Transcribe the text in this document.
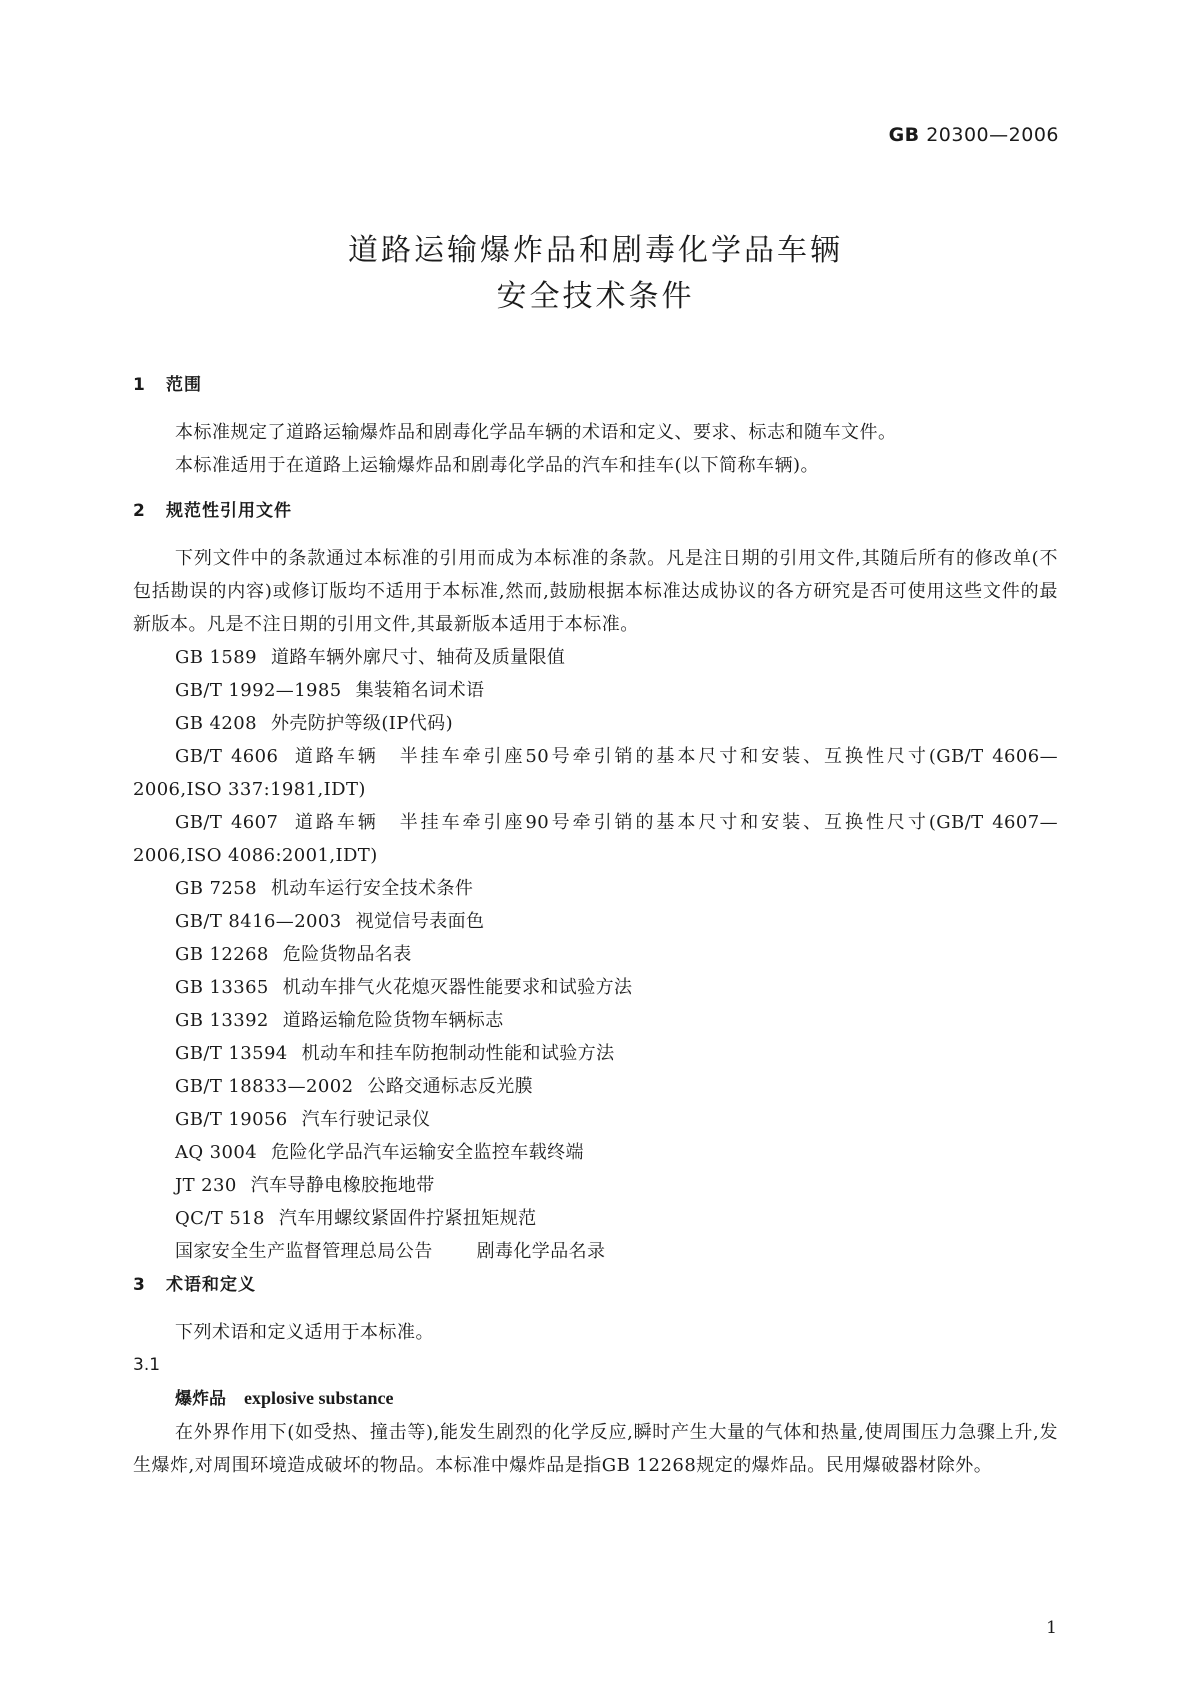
GB 20300—2006

道路运输爆炸品和剧毒化学品车辆
安全技术条件
1 范围

本标准规定了道路运输爆炸品和剧毒化学品车辆的术语和定义、要求、标志和随车文件。

本标准适用于在道路上运输爆炸品和剧毒化学品的汽车和挂车(以下简称车辆)。

2 规范性引用文件

下列文件中的条款通过本标准的引用而成为本标准的条款。凡是注日期的引用文件,其随后所有的修改单(不包括勘误的内容)或修订版均不适用于本标准,然而,鼓励根据本标准达成协议的各方研究是否可使用这些文件的最新版本。凡是不注日期的引用文件,其最新版本适用于本标准。

GB 1589 道路车辆外廓尺寸、轴荷及质量限值
GB/T 1992—1985 集装箱名词术语
GB 4208 外壳防护等级(IP代码)
GB/T 4606 道路车辆　半挂车牵引座50号牵引销的基本尺寸和安装、互换性尺寸(GB/T 4606—2006,ISO 337:1981,IDT)
GB/T 4607 道路车辆　半挂车牵引座90号牵引销的基本尺寸和安装、互换性尺寸(GB/T 4607—2006,ISO 4086:2001,IDT)
GB 7258 机动车运行安全技术条件
GB/T 8416—2003 视觉信号表面色
GB 12268 危险货物品名表
GB 13365 机动车排气火花熄灭器性能要求和试验方法
GB 13392 道路运输危险货物车辆标志
GB/T 13594 机动车和挂车防抱制动性能和试验方法
GB/T 18833—2002 公路交通标志反光膜
GB/T 19056 汽车行驶记录仪
AQ 3004 危险化学品汽车运输安全监控车载终端
JT 230 汽车导静电橡胶拖地带
QC/T 518 汽车用螺纹紧固件拧紧扭矩规范
国家安全生产监督管理总局公告 剧毒化学品名录
3 术语和定义

下列术语和定义适用于本标准。

3.1

爆炸品 explosive substance

在外界作用下(如受热、撞击等),能发生剧烈的化学反应,瞬时产生大量的气体和热量,使周围压力急骤上升,发生爆炸,对周围环境造成破坏的物品。本标准中爆炸品是指GB 12268规定的爆炸品。民用爆破器材除外。

1
